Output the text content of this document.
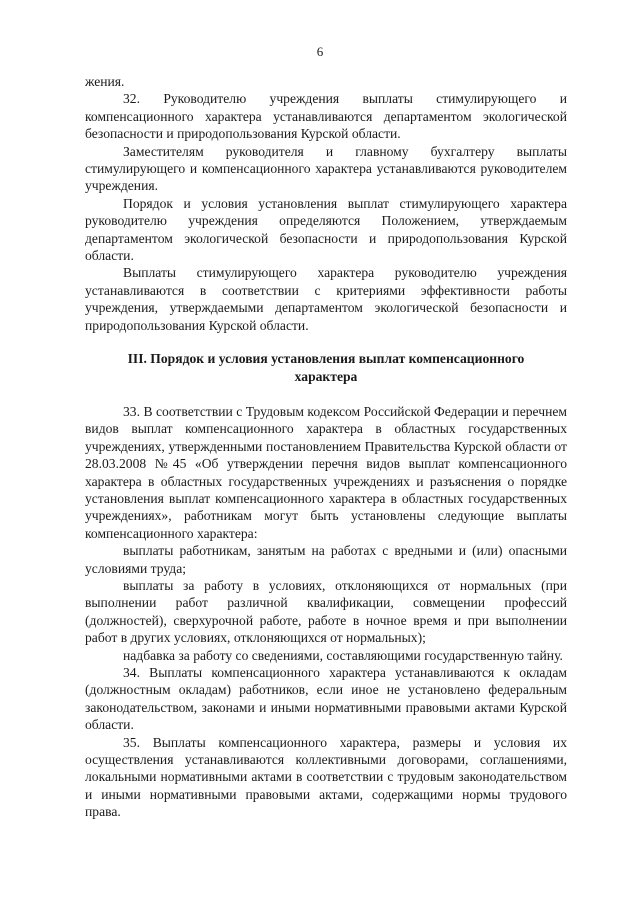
6

жения.

32. Руководителю учреждения выплаты стимулирующего и компенсационного характера устанавливаются департаментом экологической безопасности и природопользования Курской области.

Заместителям руководителя и главному бухгалтеру выплаты стимулирующего и компенсационного характера устанавливаются руководителем учреждения.

Порядок и условия установления выплат стимулирующего характера руководителю учреждения определяются Положением, утверждаемым департаментом экологической безопасности и природопользования Курской области.

Выплаты стимулирующего характера руководителю учреждения устанавливаются в соответствии с критериями эффективности работы учреждения, утверждаемыми департаментом экологической безопасности и природопользования Курской области.

III. Порядок и условия установления выплат компенсационного характера

33. В соответствии с Трудовым кодексом Российской Федерации и перечнем видов выплат компенсационного характера в областных государственных учреждениях, утвержденными постановлением Правительства Курской области от 28.03.2008 №45 «Об утверждении перечня видов выплат компенсационного характера в областных государственных учреждениях и разъяснения о порядке установления выплат компенсационного характера в областных государственных учреждениях», работникам могут быть установлены следующие выплаты компенсационного характера:

выплаты работникам, занятым на работах с вредными и (или) опасными условиями труда;

выплаты за работу в условиях, отклоняющихся от нормальных (при выполнении работ различной квалификации, совмещении профессий (должностей), сверхурочной работе, работе в ночное время и при выполнении работ в других условиях, отклоняющихся от нормальных);

надбавка за работу со сведениями, составляющими государственную тайну.

34. Выплаты компенсационного характера устанавливаются к окладам (должностным окладам) работников, если иное не установлено федеральным законодательством, законами и иными нормативными правовыми актами Курской области.

35. Выплаты компенсационного характера, размеры и условия их осуществления устанавливаются коллективными договорами, соглашениями, локальными нормативными актами в соответствии с трудовым законодательством и иными нормативными правовыми актами, содержащими нормы трудового права.
